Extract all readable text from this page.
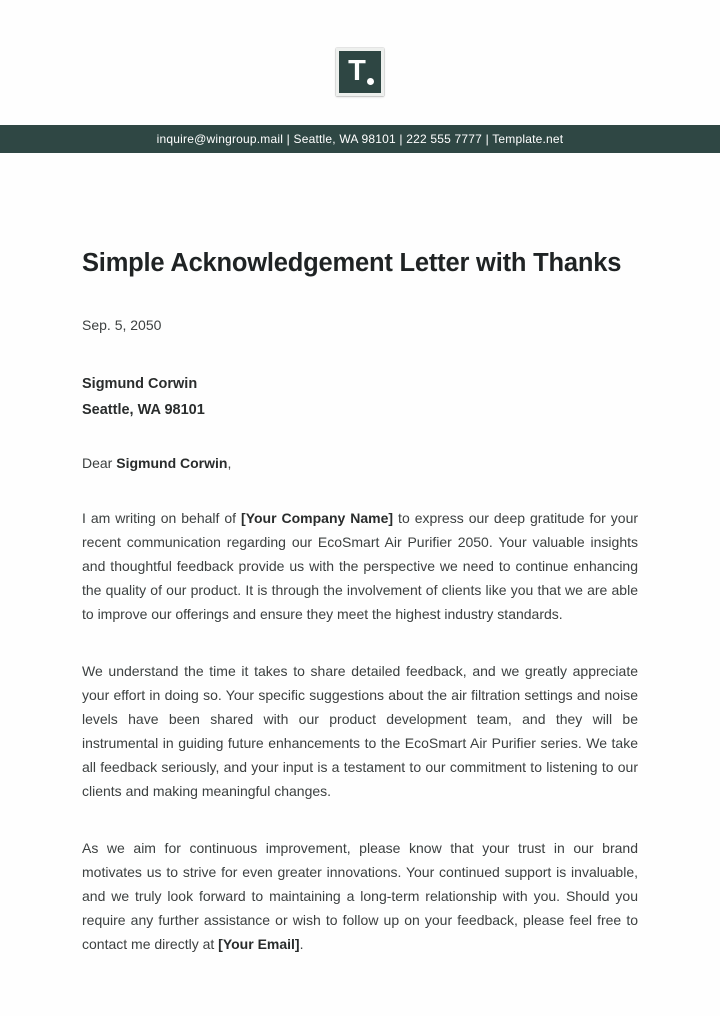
T
inquire@wingroup.mail | Seattle, WA 98101 | 222 555 7777 | Template.net
Simple Acknowledgement Letter with Thanks
Sep. 5, 2050
Sigmund Corwin
Seattle, WA 98101

Dear Sigmund Corwin,

I am writing on behalf of [Your Company Name] to express our deep gratitude for your recent communication regarding our EcoSmart Air Purifier 2050. Your valuable insights and thoughtful feedback provide us with the perspective we need to continue enhancing the quality of our product. It is through the involvement of clients like you that we are able to improve our offerings and ensure they meet the highest industry standards.

We understand the time it takes to share detailed feedback, and we greatly appreciate your effort in doing so. Your specific suggestions about the air filtration settings and noise levels have been shared with our product development team, and they will be instrumental in guiding future enhancements to the EcoSmart Air Purifier series. We take all feedback seriously, and your input is a testament to our commitment to listening to our clients and making meaningful changes.

As we aim for continuous improvement, please know that your trust in our brand motivates us to strive for even greater innovations. Your continued support is invaluable, and we truly look forward to maintaining a long-term relationship with you. Should you require any further assistance or wish to follow up on your feedback, please feel free to contact me directly at [Your Email].
